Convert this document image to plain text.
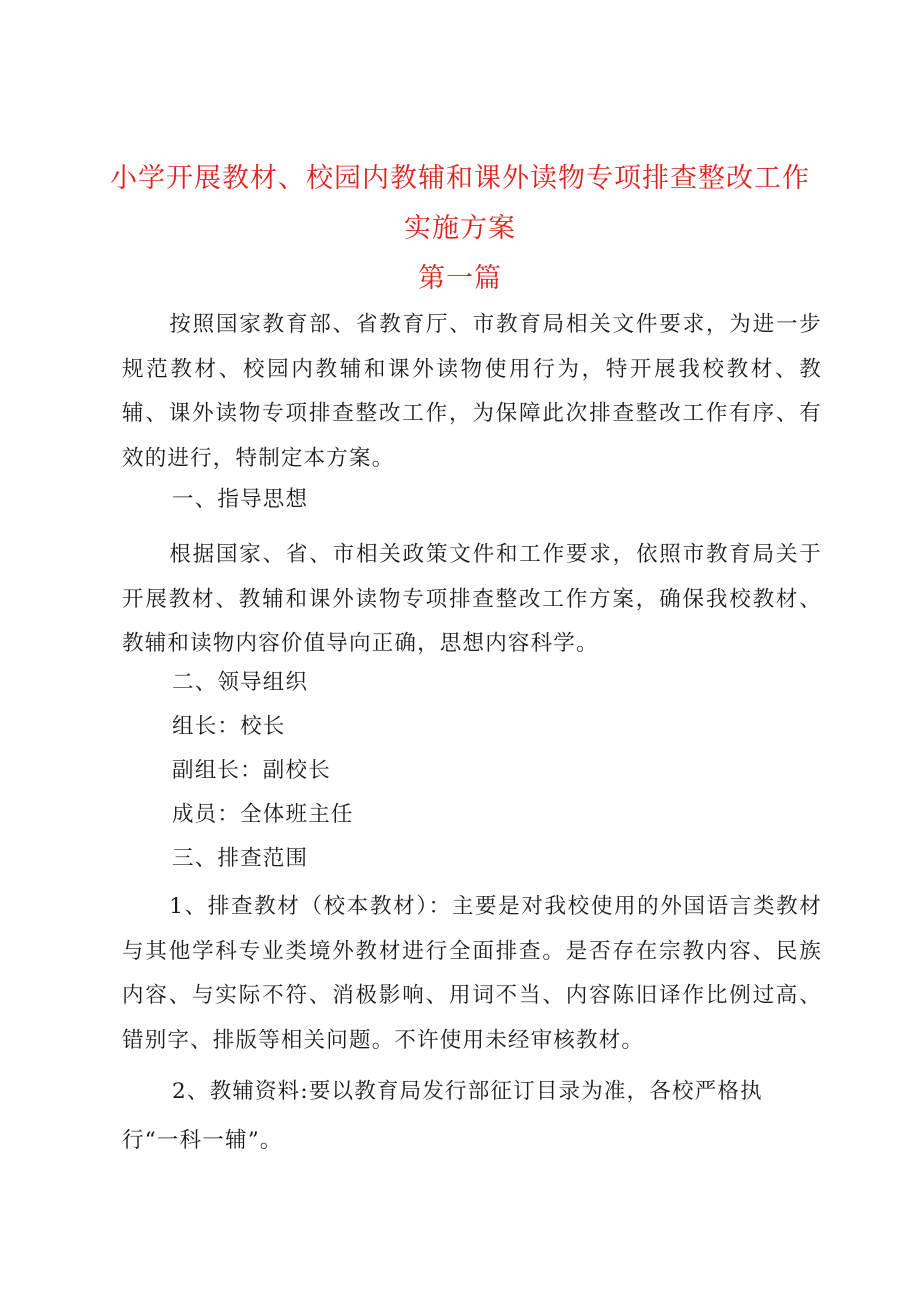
小学开展教材、校园内教辅和课外读物专项排查整改工作
实施方案
第一篇

按照国家教育部、省教育厅、市教育局相关文件要求，为进一步规范教材、校园内教辅和课外读物使用行为，特开展我校教材、教辅、课外读物专项排查整改工作，为保障此次排查整改工作有序、有效的进行，特制定本方案。

一、指导思想

根据国家、省、市相关政策文件和工作要求，依照市教育局关于开展教材、教辅和课外读物专项排查整改工作方案，确保我校教材、教辅和读物内容价值导向正确，思想内容科学。

二、领导组织
组长：校长
副组长：副校长
成员：全体班主任
三、排查范围

1、排查教材（校本教材）：主要是对我校使用的外国语言类教材与其他学科专业类境外教材进行全面排查。是否存在宗教内容、民族内容、与实际不符、消极影响、用词不当、内容陈旧译作比例过高、错别字、排版等相关问题。不许使用未经审核教材。

2、教辅资料:要以教育局发行部征订目录为准，各校严格执
行“一科一辅”。
